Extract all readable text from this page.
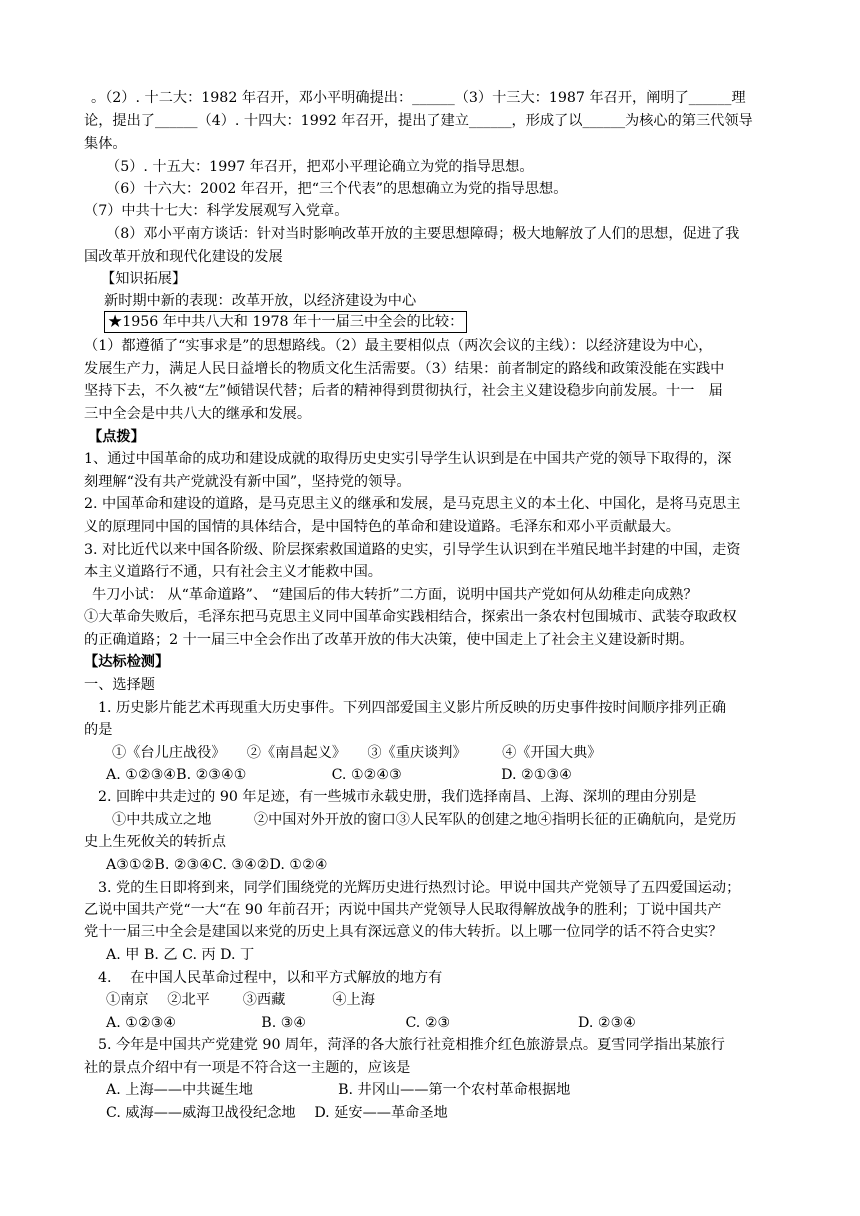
。（2）. 十二大：1982 年召开，邓小平明确提出：______（3）十三大：1987 年召开，阐明了______理
论，提出了______（4）. 十四大：1992 年召开，提出了建立______，形成了以______为核心的第三代领导
集体。
（5）. 十五大：1997 年召开，把邓小平理论确立为党的指导思想。
（6）十六大：2002 年召开，把“三个代表”的思想确立为党的指导思想。
（7）中共十七大：科学发展观写入党章。
（8）邓小平南方谈话：针对当时影响改革开放的主要思想障碍；极大地解放了人们的思想，促进了我
国改革开放和现代化建设的发展
【知识拓展】
新时期中新的表现：改革开放，以经济建设为中心
★1956 年中共八大和 1978 年十一届三中全会的比较：
（1）都遵循了“实事求是”的思想路线。（2）最主要相似点（两次会议的主线）：以经济建设为中心，
发展生产力，满足人民日益增长的物质文化生活需要。（3）结果：前者制定的路线和政策没能在实践中
坚持下去，不久被“左”倾错误代替；后者的精神得到贯彻执行，社会主义建设稳步向前发展。十一　届
三中全会是中共八大的继承和发展。
【点拨】
1、通过中国革命的成功和建设成就的取得历史史实引导学生认识到是在中国共产党的领导下取得的，深
刻理解“没有共产党就没有新中国”，坚持党的领导。
2. 中国革命和建设的道路，是马克思主义的继承和发展，是马克思主义的本土化、中国化，是将马克思主
义的原理同中国的国情的具体结合，是中国特色的革命和建设道路。毛泽东和邓小平贡献最大。
3. 对比近代以来中国各阶级、阶层探索救国道路的史实，引导学生认识到在半殖民地半封建的中国，走资
本主义道路行不通，只有社会主义才能救中国。
牛刀小试： 从“革命道路”、 “建国后的伟大转折”二方面，说明中国共产党如何从幼稚走向成熟？
①大革命失败后，毛泽东把马克思主义同中国革命实践相结合，探索出一条农村包围城市、武装夺取政权
的正确道路；2 十一届三中全会作出了改革开放的伟大决策，使中国走上了社会主义建设新时期。
【达标检测】
一、选择题
1. 历史影片能艺术再现重大历史事件。下列四部爱国主义影片所反映的历史事件按时间顺序排列正确
的是
①《台儿庄战役》　　②《南昌起义》　　③《重庆谈判》　　　④《开国大典》
A. ①②③④B. ②③④①　　　　　　C. ①②④③　　　　　　　D. ②①③④
2. 回眸中共走过的 90 年足迹，有一些城市永载史册，我们选择南昌、上海、深圳的理由分别是
①中共成立之地　　　②中国对外开放的窗口③人民军队的创建之地④指明长征的正确航向，是党历
史上生死攸关的转折点
A③①②B. ②③④C. ③④②D. ①②④
3. 党的生日即将到来，同学们围绕党的光辉历史进行热烈讨论。甲说中国共产党领导了五四爱国运动；
乙说中国共产党“一大“在 90 年前召开；丙说中国共产党领导人民取得解放战争的胜利；丁说中国共产
党十一届三中全会是建国以来党的历史上具有深远意义的伟大转折。以上哪一位同学的话不符合史实？
A. 甲 B. 乙 C. 丙 D. 丁
4. 　在中国人民革命过程中，以和平方式解放的地方有
①南京　 ②北平　　 ③西藏　　　 ④上海
A. ①②③④　　　　　　B. ③④　　　　　　　C. ②③　　　　　　　　　D. ②③④
5. 今年是中国共产党建党 90 周年，菏泽的各大旅行社竞相推介红色旅游景点。夏雪同学指出某旅行
社的景点介绍中有一项是不符合这一主题的，应该是
A. 上海——中共诞生地　　　　　　B. 井冈山——第一个农村革命根据地
C. 威海——威海卫战役纪念地　 D. 延安——革命圣地
